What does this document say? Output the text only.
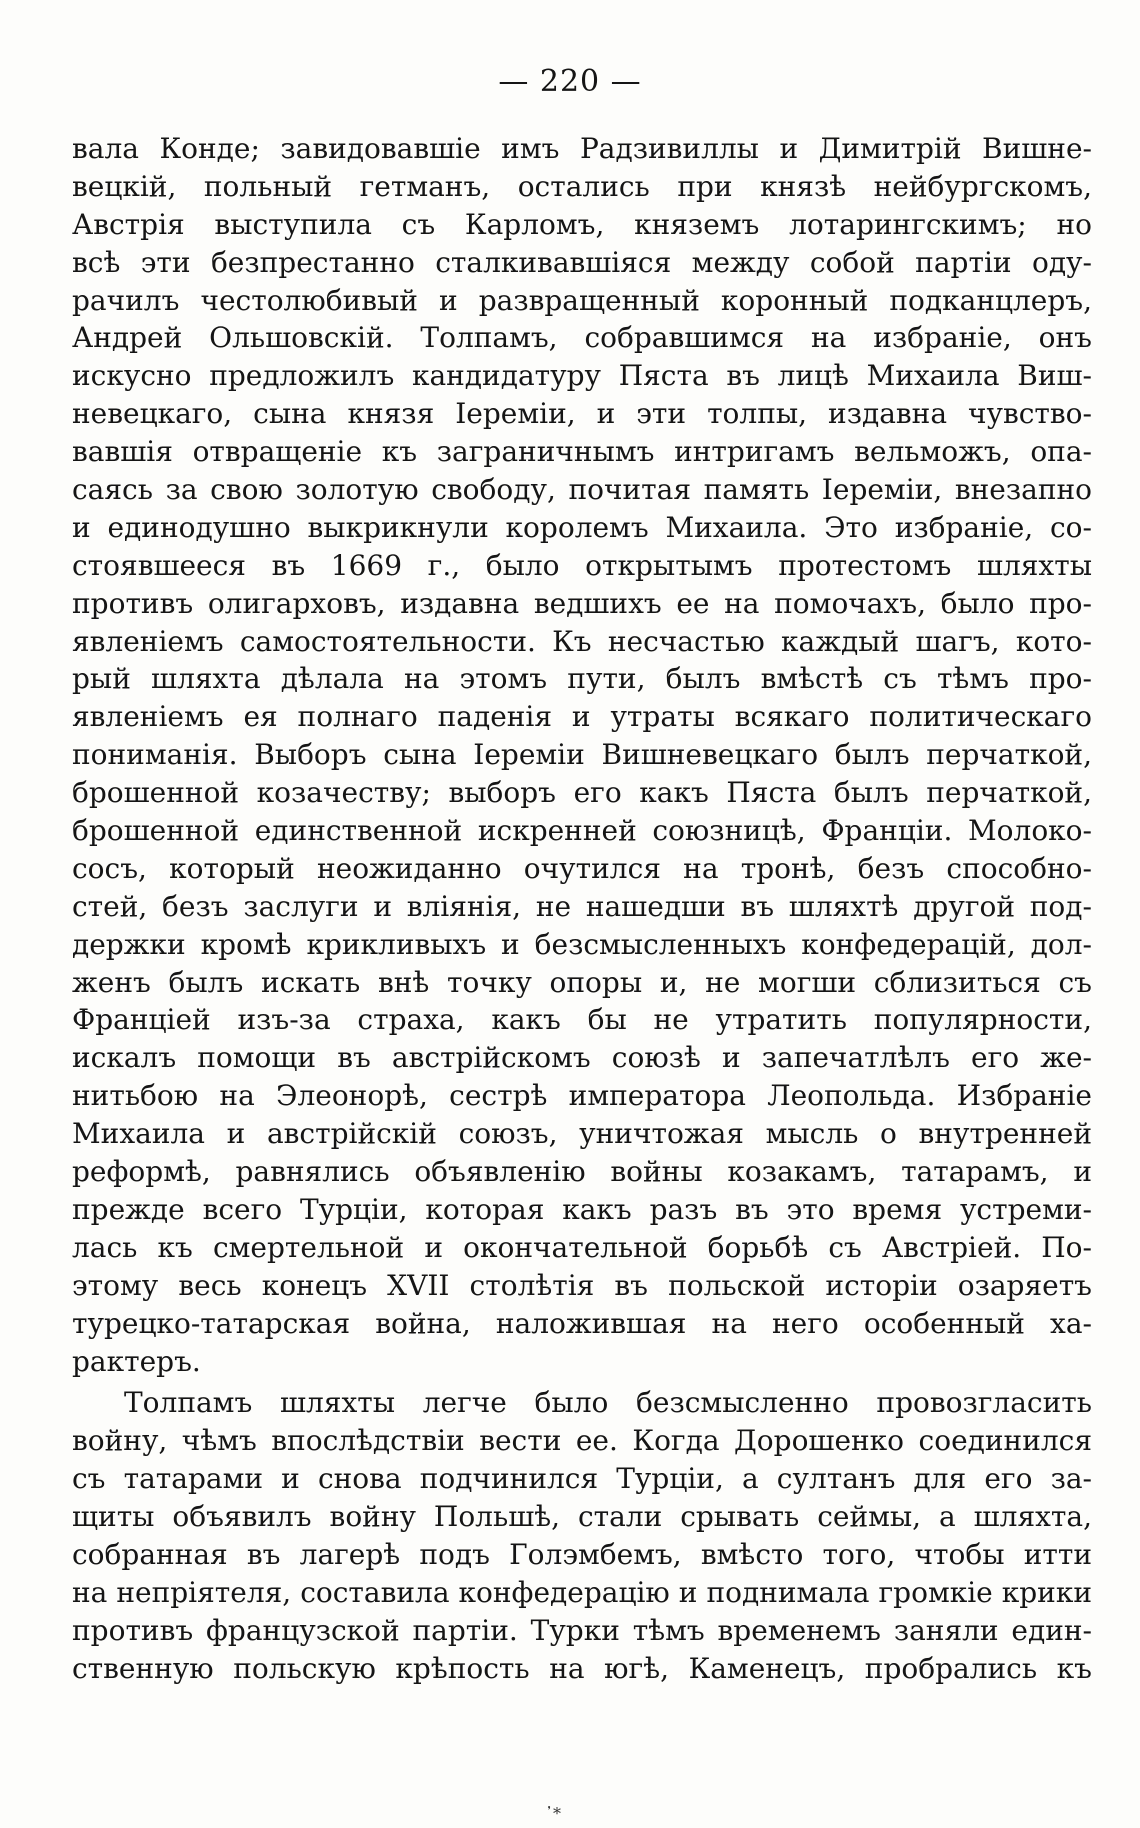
— 220 —
вала Конде; завидовавшіе имъ Радзивиллы и Димитрій Вишне-
вецкій, польный гетманъ, остались при князѣ нейбургскомъ,
Австрія выступила съ Карломъ, княземъ лотарингскимъ; но
всѣ эти безпрестанно сталкивавшіяся между собой партіи оду-
рачилъ честолюбивый и развращенный коронный подканцлеръ,
Андрей Ольшовскій. Толпамъ, собравшимся на избраніе, онъ
искусно предложилъ кандидатуру Пяста въ лицѣ Михаила Виш-
невецкаго, сына князя Іереміи, и эти толпы, издавна чувство-
вавшія отвращеніе къ заграничнымъ интригамъ вельможъ, опа-
саясь за свою золотую свободу, почитая память Іереміи, внезапно
и единодушно выкрикнули королемъ Михаила. Это избраніе, со-
стоявшееся въ 1669 г., было открытымъ протестомъ шляхты
противъ олигарховъ, издавна ведшихъ ее на помочахъ, было про-
явленіемъ самостоятельности. Къ несчастью каждый шагъ, кото-
рый шляхта дѣлала на этомъ пути, былъ вмѣстѣ съ тѣмъ про-
явленіемъ ея полнаго паденія и утраты всякаго политическаго
пониманія. Выборъ сына Іереміи Вишневецкаго былъ перчаткой,
брошенной козачеству; выборъ его какъ Пяста былъ перчаткой,
брошенной единственной искренней союзницѣ, Франціи. Молоко-
сосъ, который неожиданно очутился на тронѣ, безъ способно-
стей, безъ заслуги и вліянія, не нашедши въ шляхтѣ другой под-
держки кромѣ крикливыхъ и безсмысленныхъ конфедерацій, дол-
женъ былъ искать внѣ точку опоры и, не могши сблизиться съ
Франціей изъ-за страха, какъ бы не утратить популярности,
искалъ помощи въ австрійскомъ союзѣ и запечатлѣлъ его же-
нитьбою на Элеонорѣ, сестрѣ императора Леопольда. Избраніе
Михаила и австрійскій союзъ, уничтожая мысль о внутренней
реформѣ, равнялись объявленію войны козакамъ, татарамъ, и
прежде всего Турціи, которая какъ разъ въ это время устреми-
лась къ смертельной и окончательной борьбѣ съ Австріей. По-
этому весь конецъ XVII столѣтія въ польской исторіи озаряетъ
турецко-татарская война, наложившая на него особенный ха-
рактеръ.
Толпамъ шляхты легче было безсмысленно провозгласить
войну, чѣмъ впослѣдствіи вести ее. Когда Дорошенко соединился
съ татарами и снова подчинился Турціи, а султанъ для его за-
щиты объявилъ войну Польшѣ, стали срывать сеймы, а шляхта,
собранная въ лагерѣ подъ Голэмбемъ, вмѣсто того, чтобы итти
на непріятеля, составила конфедерацію и поднимала громкіе крики
противъ французской партіи. Турки тѣмъ временемъ заняли един-
ственную польскую крѣпость на югѣ, Каменецъ, пробрались къ
᾽*
